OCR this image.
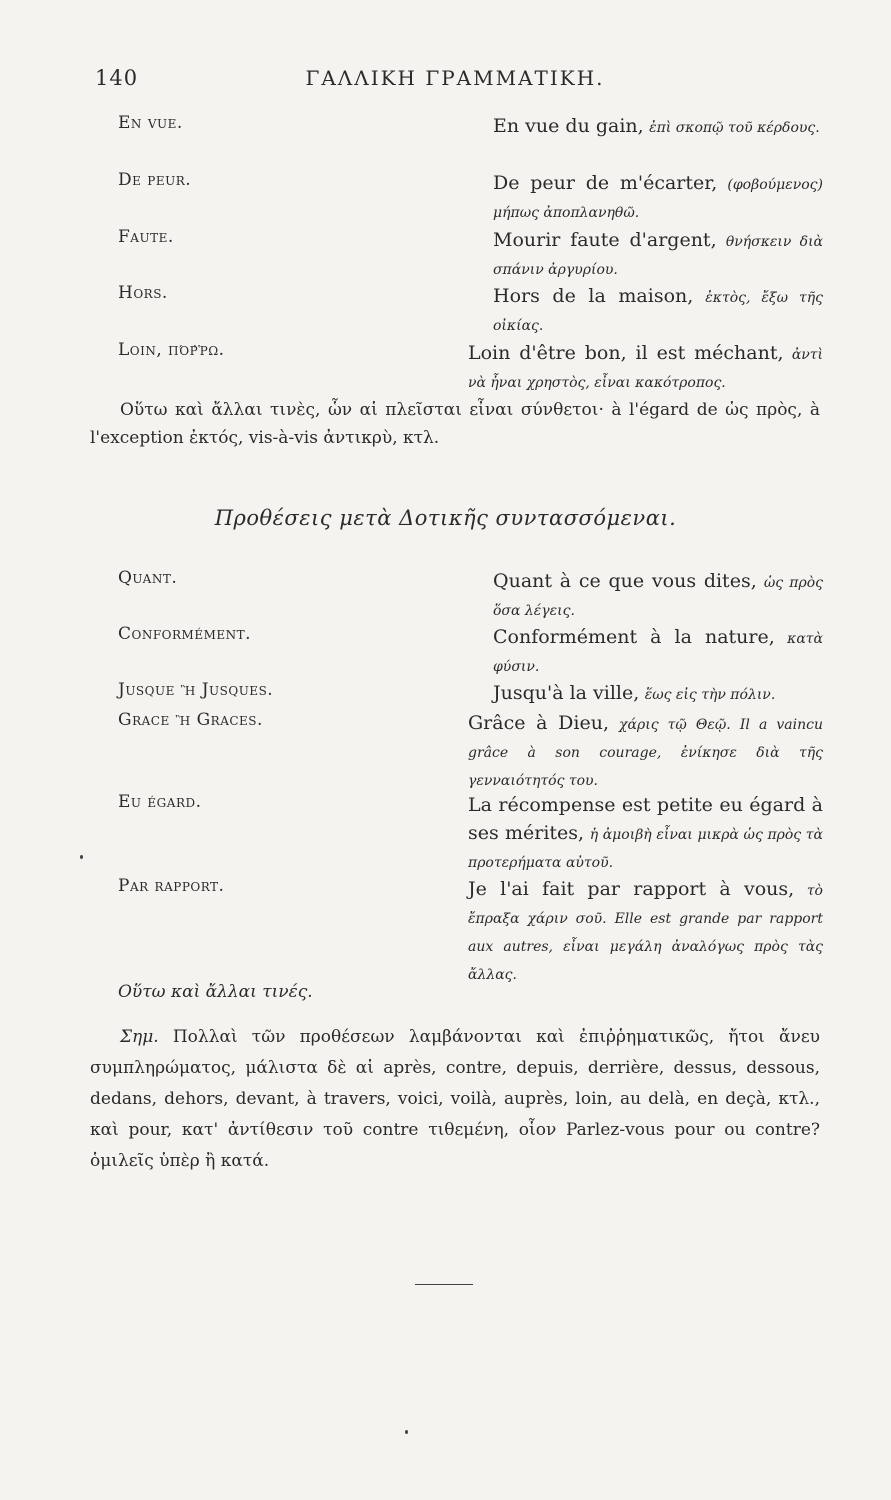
140	ΓΑΛΛΙΚΗ ΓΡΑΜΜΑΤΙΚΗ.
En vue.	En vue du gain, ἐπὶ σκοπῷ τοῦ κέρδους.
De peur.	De peur de m'écarter, (φοβούμενος) μήπως ἀποπλανηθῶ.
Faute.	Mourir faute d'argent, θνήσκειν διὰ σπάνιν ἀργυρίου.
Hors.	Hors de la maison, ἐκτὸς, ἔξω τῆς οἰκίας.
Loin, πόῤῥω.	Loin d'être bon, il est méchant, ἀντὶ νὰ ἦναι χρηστὸς, εἶναι κακότροπος.
Οὕτω καὶ ἄλλαι τινὲς, ὧν αἱ πλεῖσται εἶναι σύνθετοι· à l'égard de ὡς πρὸς, à l'exception ἐκτός, vis-à-vis ἀντικρὺ, κτλ.
Προθέσεις μετὰ Δοτικῆς συντασσόμεναι.
Quant.	Quant à ce que vous dites, ὡς πρὸς ὅσα λέγεις.
Conformément.	Conformément à la nature, κατὰ φύσιν.
Jusque ἢ Jusques.	Jusqu'à la ville, ἕως εἰς τὴν πόλιν.
Grace ἢ Graces.	Grâce à Dieu, χάρις τῷ Θεῷ. Il a vaincu grâce à son courage, ἐνίκησε διὰ τῆς γενναιότητός του.
Eu égard.	La récompense est petite eu égard à ses mérites, ἡ ἀμοιβὴ εἶναι μικρὰ ὡς πρὸς τὰ προτερήματα αὐτοῦ.
Par rapport.	Je l'ai fait par rapport à vous, τὸ ἔπραξα χάριν σοῦ. Elle est grande par rapport aux autres, εἶναι μεγάλη ἀναλόγως πρὸς τὰς ἄλλας.
Οὕτω καὶ ἄλλαι τινές.
Σημ. Πολλαὶ τῶν προθέσεων λαμβάνονται καὶ ἐπιῤῥηματικῶς, ἤτοι ἄνευ συμπληρώματος, μάλιστα δὲ αἱ après, contre, depuis, derrière, dessus, dessous, dedans, dehors, devant, à travers, voici, voilà, auprès, loin, au delà, en deçà, κτλ., καὶ pour, κατ' ἀντίθεσιν τοῦ contre τιθεμένη, οἷον Parlez-vous pour ou contre? ὁμιλεῖς ὑπὲρ ἢ κατά.
